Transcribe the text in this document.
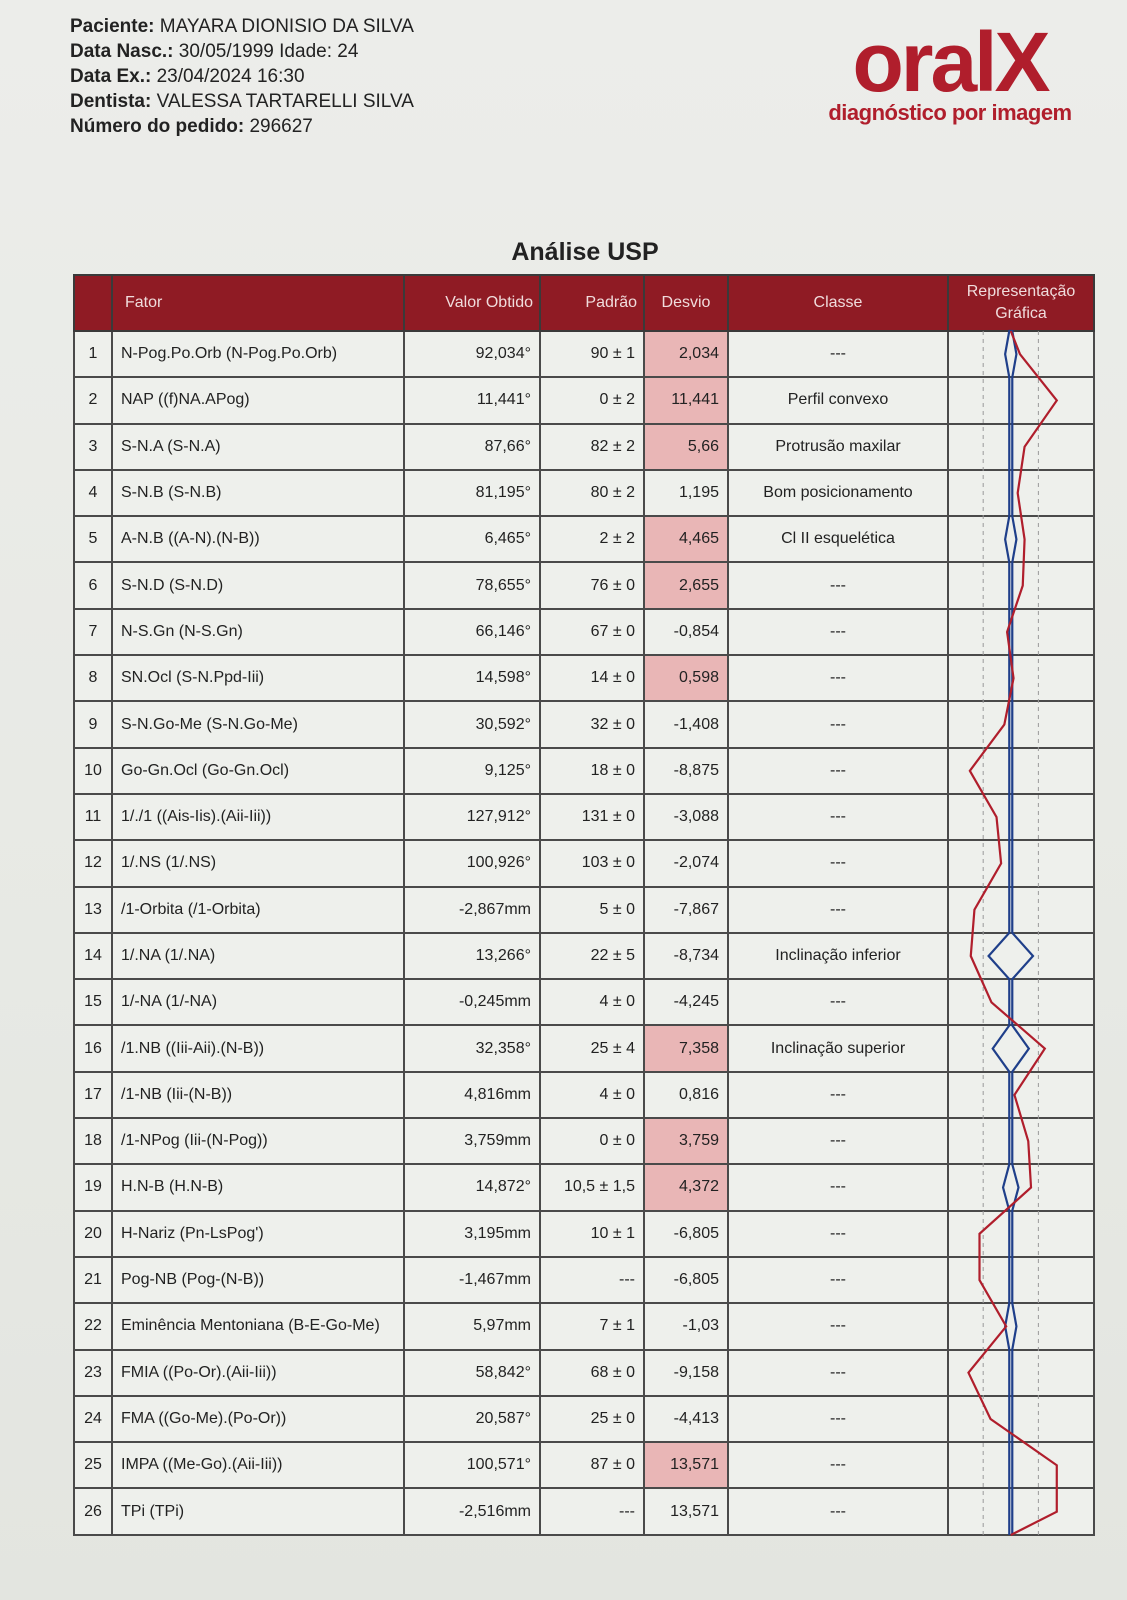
Paciente: MAYARA DIONISIO DA SILVA
Data Nasc.: 30/05/1999 Idade: 24
Data Ex.: 23/04/2024 16:30
Dentista: VALESSA TARTARELLI SILVA
Número do pedido: 296627
oralX
diagnóstico por imagem
Análise USP
	Fator	Valor Obtido	Padrão	Desvio	Classe	Representação Gráfica
1	N-Pog.Po.Orb (N-Pog.Po.Orb)	92,034°	90 ± 1	2,034	---	
2	NAP ((f)NA.APog)	11,441°	0 ± 2	11,441	Perfil convexo	
3	S-N.A (S-N.A)	87,66°	82 ± 2	5,66	Protrusão maxilar	
4	S-N.B (S-N.B)	81,195°	80 ± 2	1,195	Bom posicionamento	
5	A-N.B ((A-N).(N-B))	6,465°	2 ± 2	4,465	Cl II esquelética	
6	S-N.D (S-N.D)	78,655°	76 ± 0	2,655	---	
7	N-S.Gn (N-S.Gn)	66,146°	67 ± 0	-0,854	---	
8	SN.Ocl (S-N.Ppd-Iii)	14,598°	14 ± 0	0,598	---	
9	S-N.Go-Me (S-N.Go-Me)	30,592°	32 ± 0	-1,408	---	
10	Go-Gn.Ocl (Go-Gn.Ocl)	9,125°	18 ± 0	-8,875	---	
11	1/./1 ((Ais-Iis).(Aii-Iii))	127,912°	131 ± 0	-3,088	---	
12	1/.NS (1/.NS)	100,926°	103 ± 0	-2,074	---	
13	/1-Orbita (/1-Orbita)	-2,867mm	5 ± 0	-7,867	---	
14	1/.NA (1/.NA)	13,266°	22 ± 5	-8,734	Inclinação inferior	
15	1/-NA (1/-NA)	-0,245mm	4 ± 0	-4,245	---	
16	/1.NB ((Iii-Aii).(N-B))	32,358°	25 ± 4	7,358	Inclinação superior	
17	/1-NB (Iii-(N-B))	4,816mm	4 ± 0	0,816	---	
18	/1-NPog (Iii-(N-Pog))	3,759mm	0 ± 0	3,759	---	
19	H.N-B (H.N-B)	14,872°	10,5 ± 1,5	4,372	---	
20	H-Nariz (Pn-LsPog')	3,195mm	10 ± 1	-6,805	---	
21	Pog-NB (Pog-(N-B))	-1,467mm	---	-6,805	---	
22	Eminência Mentoniana (B-E-Go-Me)	5,97mm	7 ± 1	-1,03	---	
23	FMIA ((Po-Or).(Aii-Iii))	58,842°	68 ± 0	-9,158	---	
24	FMA ((Go-Me).(Po-Or))	20,587°	25 ± 0	-4,413	---	
25	IMPA ((Me-Go).(Aii-Iii))	100,571°	87 ± 0	13,571	---	
26	TPi (TPi)	-2,516mm	---	13,571	---	
